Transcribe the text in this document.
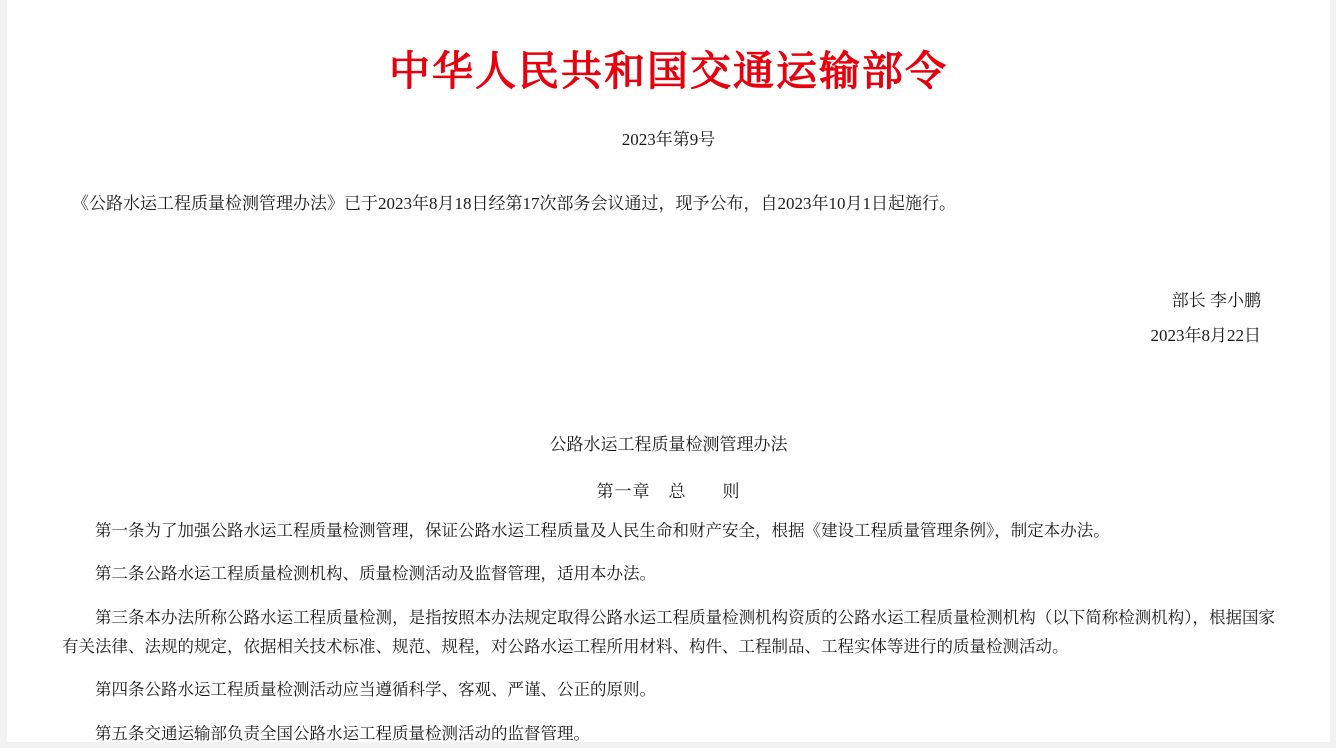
中华人民共和国交通运输部令
2023年第9号
《公路水运工程质量检测管理办法》已于2023年8月18日经第17次部务会议通过，现予公布，自2023年10月1日起施行。
部长 李小鹏
2023年8月22日
公路水运工程质量检测管理办法
第一章　总　　则
第一条为了加强公路水运工程质量检测管理，保证公路水运工程质量及人民生命和财产安全，根据《建设工程质量管理条例》，制定本办法。
第二条公路水运工程质量检测机构、质量检测活动及监督管理，适用本办法。
第三条本办法所称公路水运工程质量检测，是指按照本办法规定取得公路水运工程质量检测机构资质的公路水运工程质量检测机构（以下简称检测机构），根据国家有关法律、法规的规定，依据相关技术标准、规范、规程，对公路水运工程所用材料、构件、工程制品、工程实体等进行的质量检测活动。
第四条公路水运工程质量检测活动应当遵循科学、客观、严谨、公正的原则。
第五条交通运输部负责全国公路水运工程质量检测活动的监督管理。
